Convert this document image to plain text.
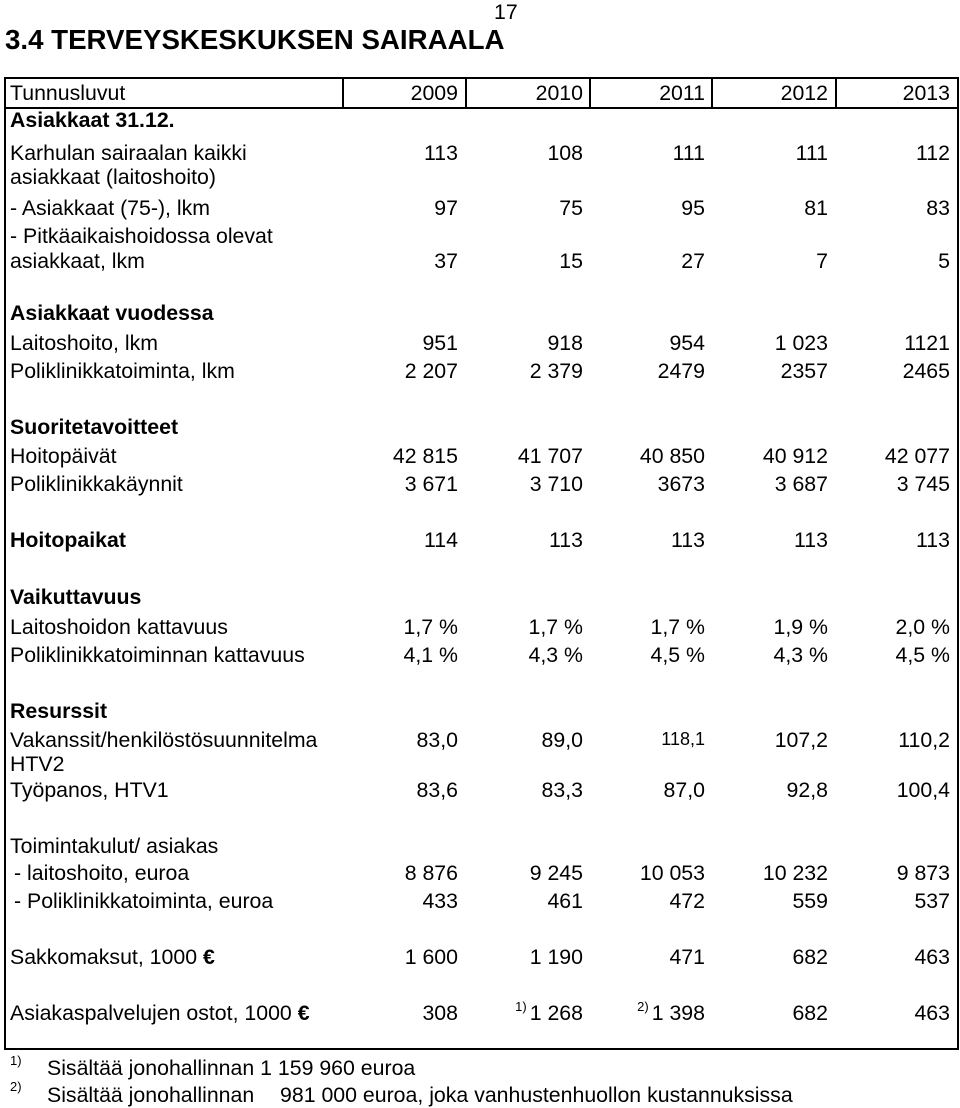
17
3.4 TERVEYSKESKUKSEN SAIRAALA
Tunnusluvut	2009	2010	2011	2012	2013
Asiakkaat 31.12.
Karhulan sairaalan kaikki
asiakkaat (laitoshoito)
113	108	111	111	112
- Asiakkaat (75-), lkm	97	75	95	81	83
- Pitkäaikaishoidossa olevat
asiakkaat, lkm	37	15	27	7	5
Asiakkaat vuodessa
Laitoshoito, lkm	951	918	954	1 023	1121
Poliklinikkatoiminta, lkm	2 207	2 379	2479	2357	2465
Suoritetavoitteet
Hoitopäivät	42 815	41 707	40 850	40 912	42 077
Poliklinikkakäynnit	3 671	3 710	3673	3 687	3 745
Hoitopaikat	114	113	113	113	113
Vaikuttavuus
Laitoshoidon kattavuus	1,7 %	1,7 %	1,7 %	1,9 %	2,0 %
Poliklinikkatoiminnan kattavuus	4,1 %	4,3 %	4,5 %	4,3 %	4,5 %
Resurssit
Vakanssit/henkilöstösuunnitelma
HTV2
83,0	89,0	118,1	107,2	110,2
Työpanos, HTV1	83,6	83,3	87,0	92,8	100,4
Toimintakulut/ asiakas
- laitoshoito, euroa	8 876	9 245	10 053	10 232	9 873
- Poliklinikkatoiminta, euroa	433	461	472	559	537
Sakkomaksut, 1000 €	1 600	1 190	471	682	463
Asiakaspalvelujen ostot, 1000 €	308	$^{1)}$ 1 268	$^{2)}$ 1 398	682	463
1) Sisältää jonohallinnan 1 159 960 euroa
2) Sisältää jonohallinnan 981 000 euroa, joka vanhustenhuollon kustannuksissa
